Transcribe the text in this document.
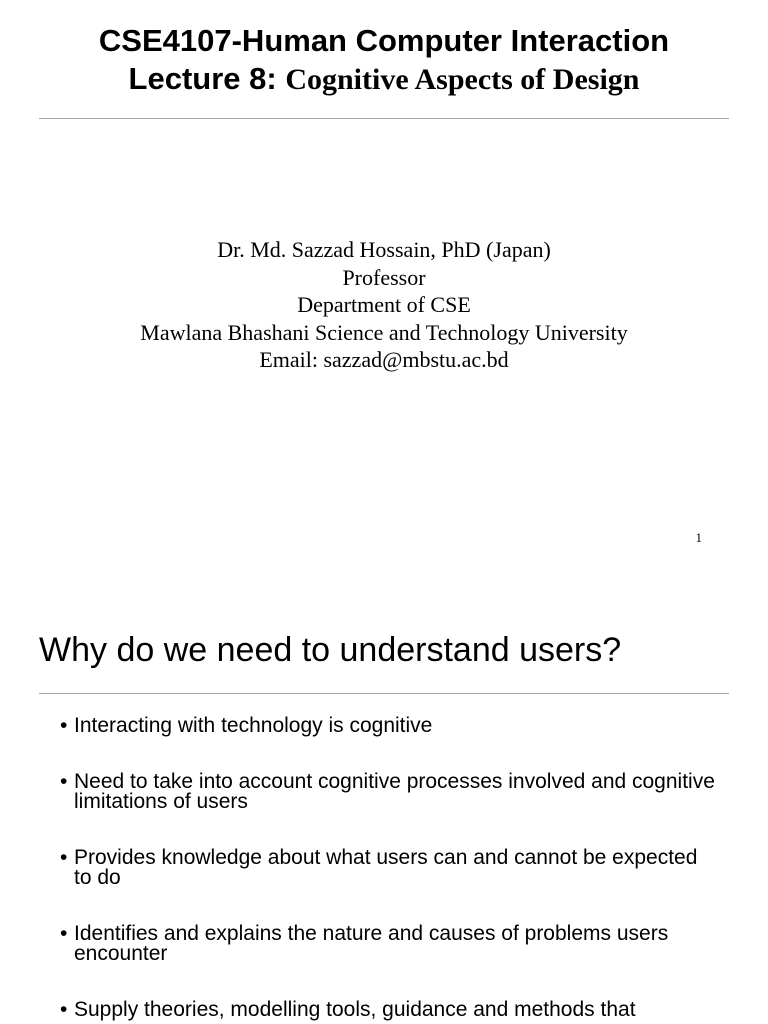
CSE4107-Human Computer Interaction
Lecture 8: Cognitive Aspects of Design
Dr. Md. Sazzad Hossain, PhD (Japan)
Professor
Department of CSE
Mawlana Bhashani Science and Technology University
Email: sazzad@mbstu.ac.bd
1
Why do we need to understand users?
• Interacting with technology is cognitive
• Need to take into account cognitive processes involved and cognitive limitations of users
• Provides knowledge about what users can and cannot be expected to do
• Identifies and explains the nature and causes of problems users encounter
• Supply theories, modelling tools, guidance and methods that
